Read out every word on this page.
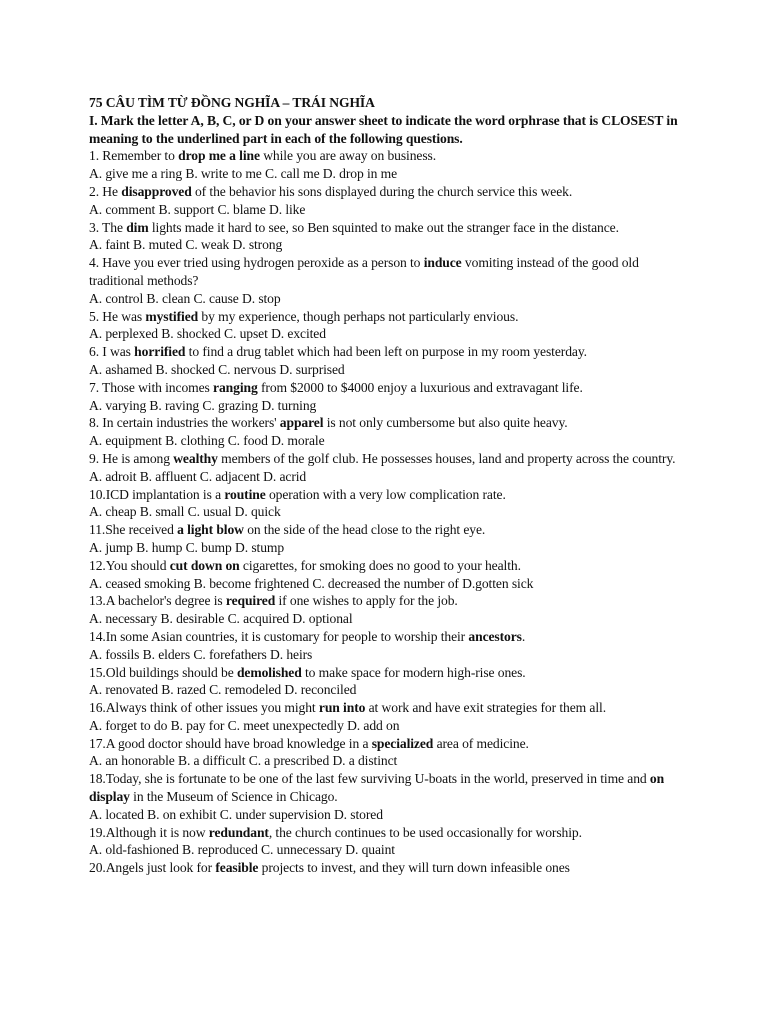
75 CÂU TÌM TỪ ĐỒNG NGHĨA – TRÁI NGHĨA
I. Mark the letter A, B, C, or D on your answer sheet to indicate the word orphrase that is CLOSEST in meaning to the underlined part in each of the following questions.
1. Remember to drop me a line while you are away on business.
A. give me a ring B. write to me C. call me D. drop in me
2. He disapproved of the behavior his sons displayed during the church service this week.
A. comment B. support C. blame D. like
3. The dim lights made it hard to see, so Ben squinted to make out the stranger face in the distance.
A. faint B. muted C. weak D. strong
4. Have you ever tried using hydrogen peroxide as a person to induce vomiting instead of the good old traditional methods?
A. control B. clean C. cause D. stop
5. He was mystified by my experience, though perhaps not particularly envious.
A. perplexed B. shocked C. upset D. excited
6. I was horrified to find a drug tablet which had been left on purpose in my room yesterday.
A. ashamed B. shocked C. nervous D. surprised
7. Those with incomes ranging from $2000 to $4000 enjoy a luxurious and extravagant life.
A. varying B. raving C. grazing D. turning
8. In certain industries the workers' apparel is not only cumbersome but also quite heavy.
A. equipment B. clothing C. food D. morale
9. He is among wealthy members of the golf club. He possesses houses, land and property across the country.
A. adroit B. affluent C. adjacent D. acrid
10.ICD implantation is a routine operation with a very low complication rate.
A. cheap B. small C. usual D. quick
11.She received a light blow on the side of the head close to the right eye.
A. jump B. hump C. bump D. stump
12.You should cut down on cigarettes, for smoking does no good to your health.
A. ceased smoking B. become frightened C. decreased the number of D.gotten sick
13.A bachelor's degree is required if one wishes to apply for the job.
A. necessary B. desirable C. acquired D. optional
14.In some Asian countries, it is customary for people to worship their ancestors.
A. fossils B. elders C. forefathers D. heirs
15.Old buildings should be demolished to make space for modern high-rise ones.
A. renovated B. razed C. remodeled D. reconciled
16.Always think of other issues you might run into at work and have exit strategies for them all.
A. forget to do B. pay for C. meet unexpectedly D. add on
17.A good doctor should have broad knowledge in a specialized area of medicine.
A. an honorable B. a difficult C. a prescribed D. a distinct
18.Today, she is fortunate to be one of the last few surviving U-boats in the world, preserved in time and on display in the Museum of Science in Chicago.
A. located B. on exhibit C. under supervision D. stored
19.Although it is now redundant, the church continues to be used occasionally for worship.
A. old-fashioned B. reproduced C. unnecessary D. quaint
20.Angels just look for feasible projects to invest, and they will turn down infeasible ones
